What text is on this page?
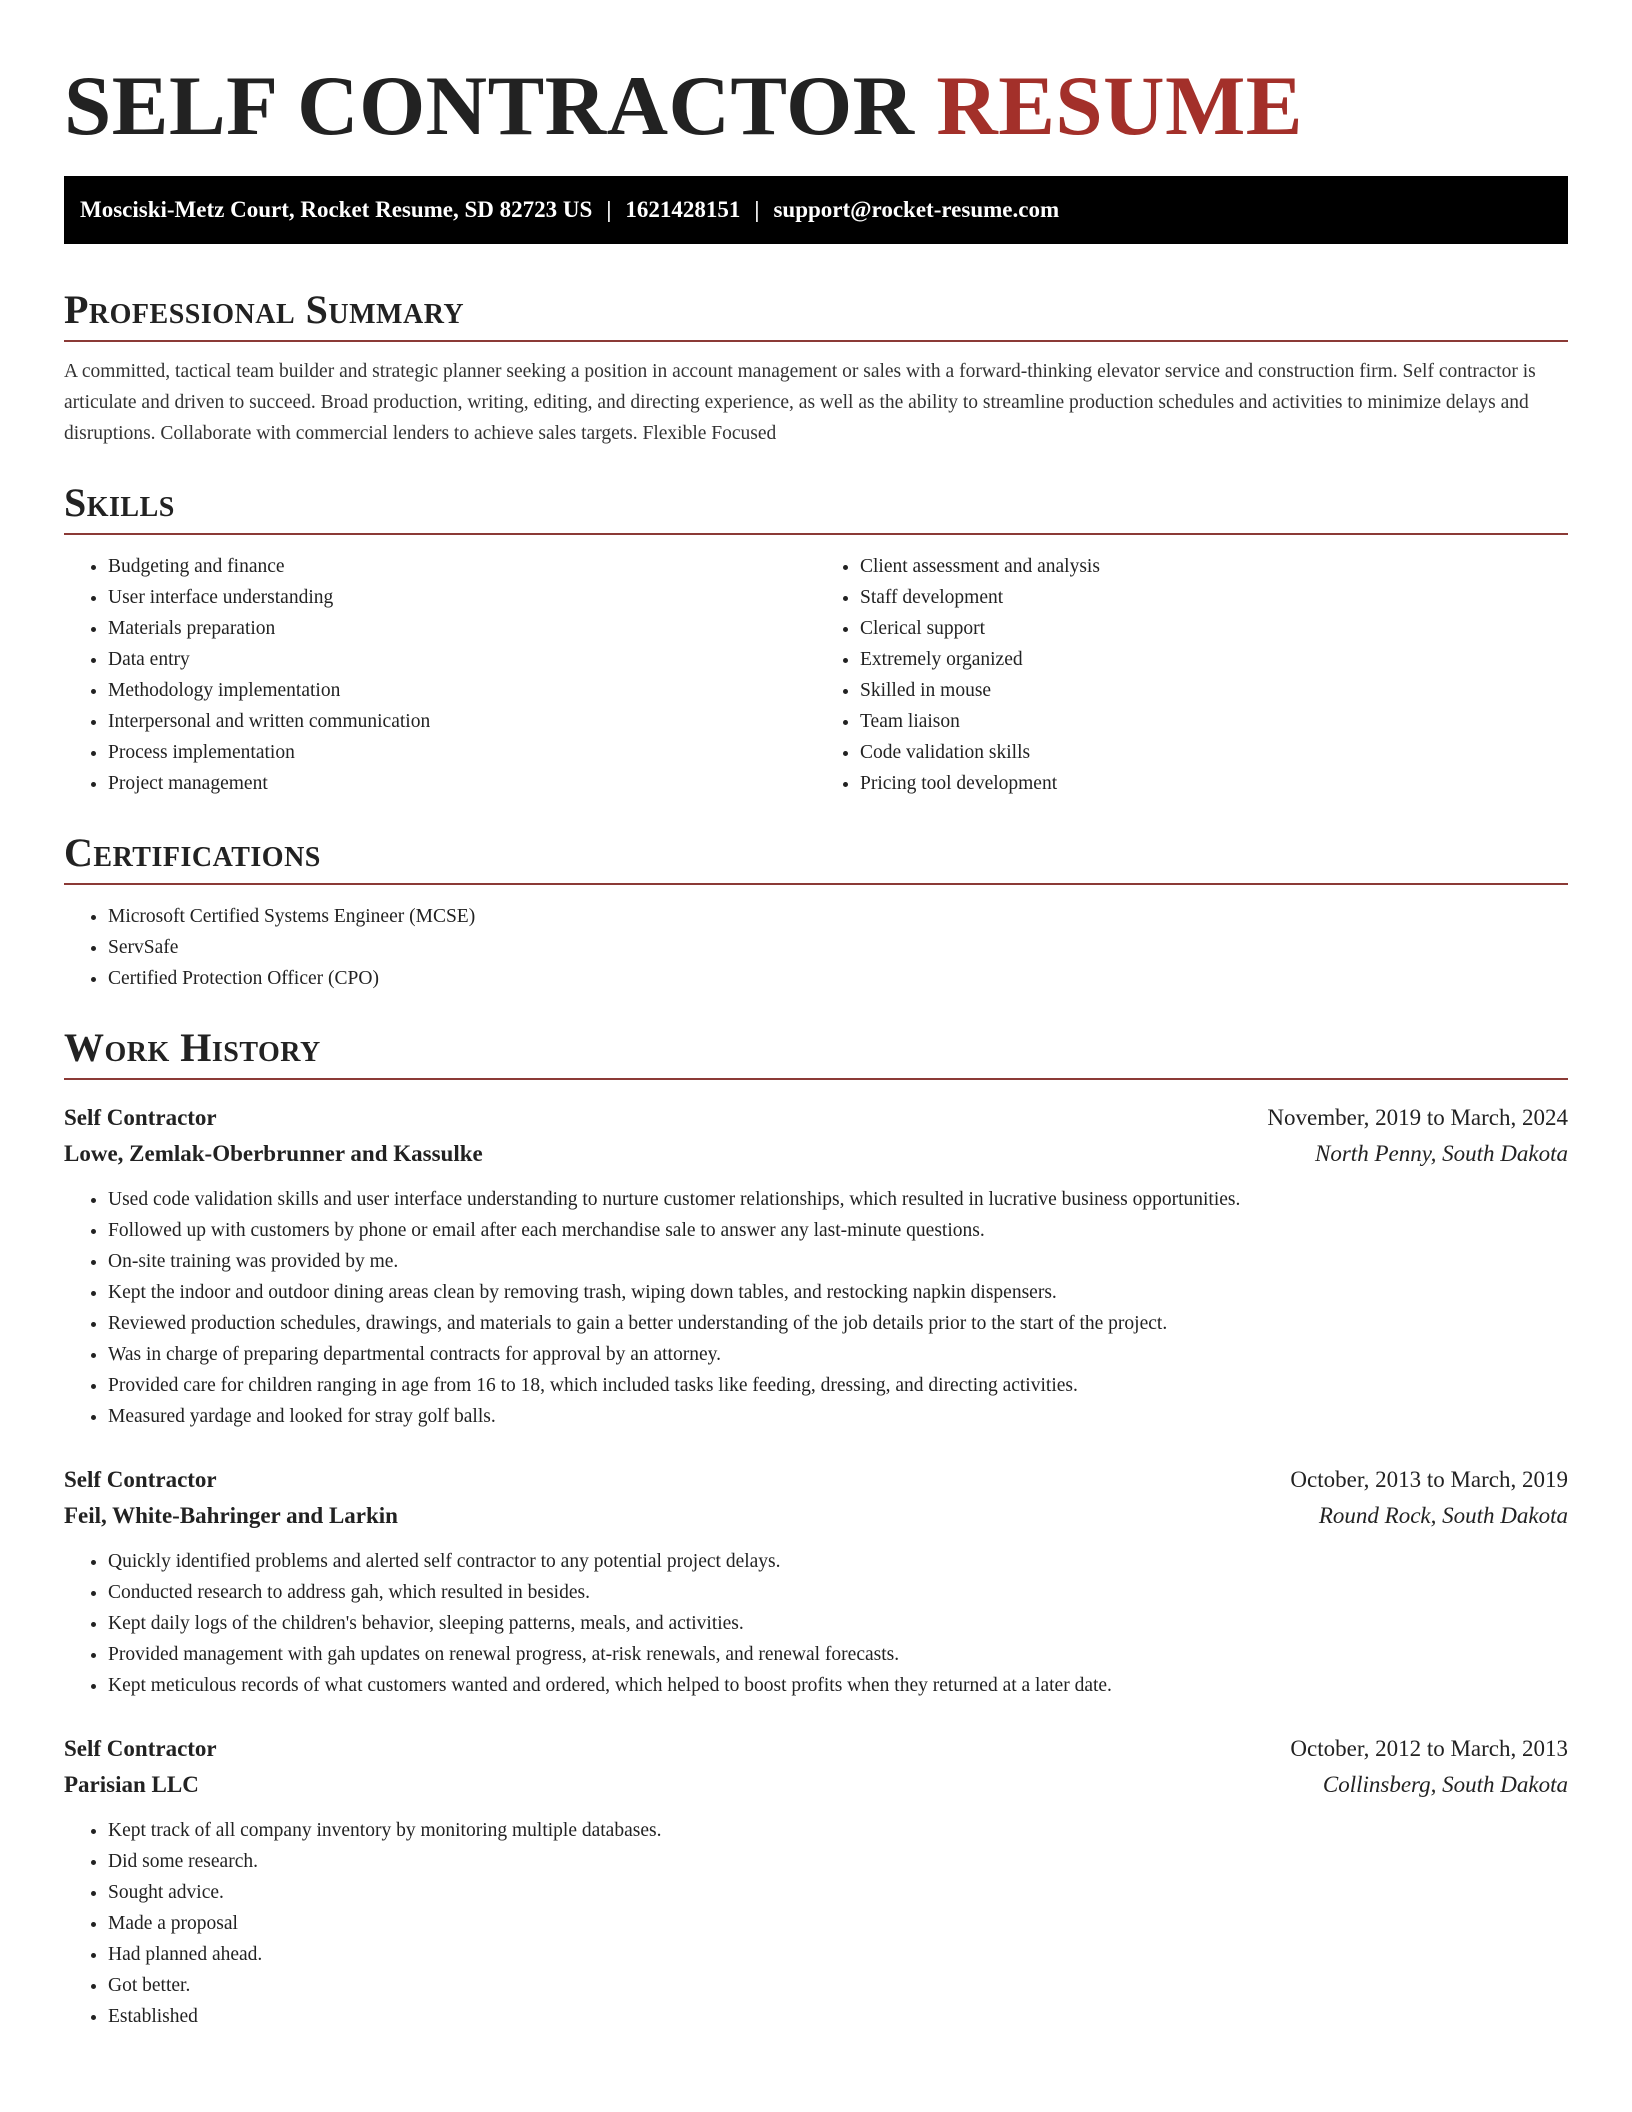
SELF CONTRACTOR RESUME
Mosciski-Metz Court, Rocket Resume, SD 82723 US | 1621428151 | support@rocket-resume.com
Professional Summary

A committed, tactical team builder and strategic planner seeking a position in account management or sales with a forward-thinking elevator service and construction firm. Self contractor is articulate and driven to succeed. Broad production, writing, editing, and directing experience, as well as the ability to streamline production schedules and activities to minimize delays and disruptions. Collaborate with commercial lenders to achieve sales targets. Flexible Focused

Skills
• Budgeting and finance
• User interface understanding
• Materials preparation
• Data entry
• Methodology implementation
• Interpersonal and written communication
• Process implementation
• Project management
• Client assessment and analysis
• Staff development
• Clerical support
• Extremely organized
• Skilled in mouse
• Team liaison
• Code validation skills
• Pricing tool development
Certifications
• Microsoft Certified Systems Engineer (MCSE)
• ServSafe
• Certified Protection Officer (CPO)
Work History
Self Contractor	November, 2019 to March, 2024
Lowe, Zemlak-Oberbrunner and Kassulke	North Penny, South Dakota
• Used code validation skills and user interface understanding to nurture customer relationships, which resulted in lucrative business opportunities.
• Followed up with customers by phone or email after each merchandise sale to answer any last-minute questions.
• On-site training was provided by me.
• Kept the indoor and outdoor dining areas clean by removing trash, wiping down tables, and restocking napkin dispensers.
• Reviewed production schedules, drawings, and materials to gain a better understanding of the job details prior to the start of the project.
• Was in charge of preparing departmental contracts for approval by an attorney.
• Provided care for children ranging in age from 16 to 18, which included tasks like feeding, dressing, and directing activities.
• Measured yardage and looked for stray golf balls.
Self Contractor	October, 2013 to March, 2019
Feil, White-Bahringer and Larkin	Round Rock, South Dakota
• Quickly identified problems and alerted self contractor to any potential project delays.
• Conducted research to address gah, which resulted in besides.
• Kept daily logs of the children's behavior, sleeping patterns, meals, and activities.
• Provided management with gah updates on renewal progress, at-risk renewals, and renewal forecasts.
• Kept meticulous records of what customers wanted and ordered, which helped to boost profits when they returned at a later date.
Self Contractor	October, 2012 to March, 2013
Parisian LLC	Collinsberg, South Dakota
• Kept track of all company inventory by monitoring multiple databases.
• Did some research.
• Sought advice.
• Made a proposal
• Had planned ahead.
• Got better.
• Established
